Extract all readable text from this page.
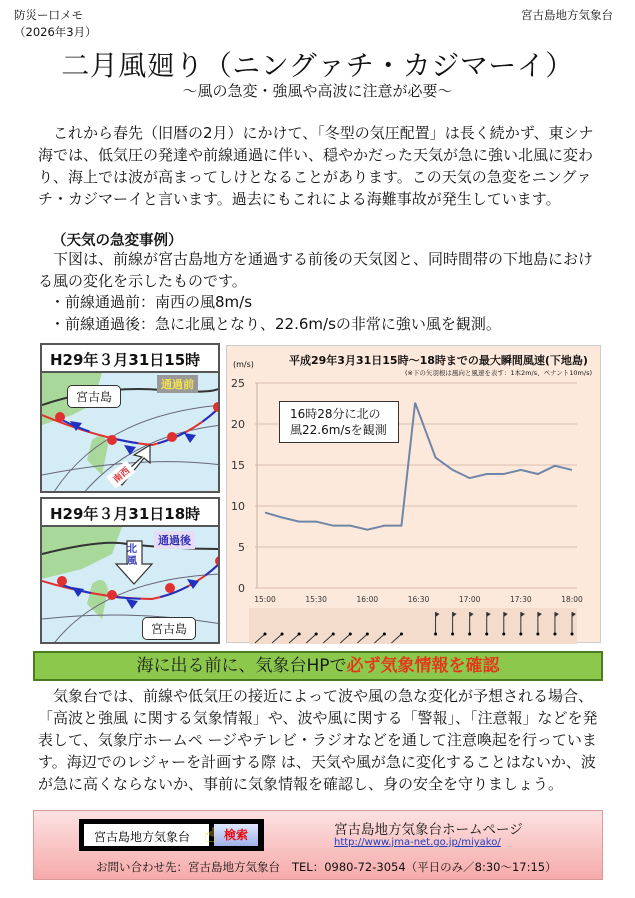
防災ー口メモ
（2026年3月）
宮古島地方気象台
二月風廻り（ニングァチ・カジマーイ）
～風の急変・強風や高波に注意が必要～
これから春先（旧暦の2月）にかけて、「冬型の気圧配置」は長く続かず、東シナ海では、低気圧の発達や前線通過に伴い、穏やかだった天気が急に強い北風に変わり、海上では波が高まってしけとなることがあります。この天気の急変をニングァチ・カジマーイと言います。過去にもこれによる海難事故が発生しています。
（天気の急変事例）
下図は、前線が宮古島地方を通過する前後の天気図と、同時間帯の下地島における風の変化を示したものです。
・前線通過前：南西の風8m/s
・前線通過後：急に北風となり、22.6m/sの非常に強い風を観測。
H29年３月31日15時
通過前
宮古島
南西
H29年３月31日18時
通過後
北風
宮古島
平成29年3月31日15時～18時までの最大瞬間風速(下地島)
(※下の矢羽根は風向と風速を表す：1本2m/s、ペナント10m/s)
(m/s)
0
5
10
15
20
25
15:00	15:30	16:00	16:30	17:00	17:30	18:00
16時28分に北の風22.6m/sを観測
海に出る前に、気象台HPで必ず気象情報を確認
気象台では、前線や低気圧の接近によって波や風の急な変化が予想される場合、「高波と強風 に関する気象情報」や、波や風に関する「警報」、「注意報」などを発表して、気象庁ホームペ ージやテレビ・ラジオなどを通して注意喚起を行っています。海辺でのレジャーを計画する際 は、天気や風が急に変化することはないか、波が急に高くならないか、事前に気象情報を確認し、身の安全を守りましょう。
宮古島地方気象台
検索
☝	宮古島地方気象台ホームページ
http://www.jma-net.go.jp/miyako/
お問い合わせ先：宮古島地方気象台 TEL：0980-72-3054（平日のみ／8:30～17:15）
